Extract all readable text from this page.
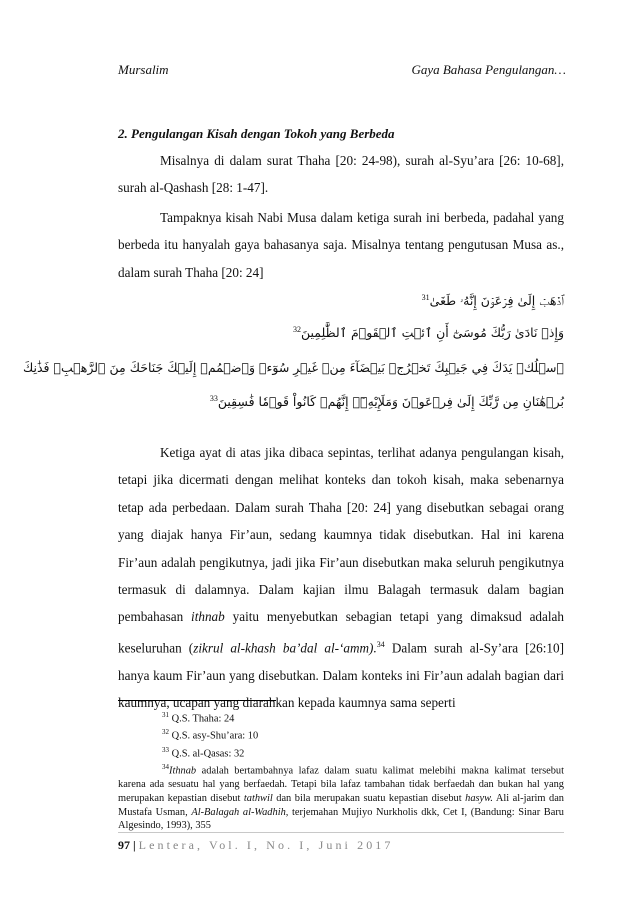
Mursalim	Gaya Bahasa Pengulangan…
2. Pengulangan Kisah dengan Tokoh yang Berbeda

Misalnya di dalam surat Thaha [20: 24-98), surah al-Syu’ara [26: 10-68], surah al-Qashash [28: 1-47].

Tampaknya kisah Nabi Musa dalam ketiga surah ini berbeda, padahal yang berbeda itu hanyalah gaya bahasanya saja. Misalnya tentang pengutusan Musa as., dalam surah Thaha [20: 24]

ٱذۡهَبۡ إِلَىٰ فِرۡعَوۡنَ إِنَّهُۥ طَغَىٰ$^{31}$
وَإِذۡ نَادَىٰ رَبُّكَ مُوسَىٰٓ أَنِ ٱئۡتِ ٱلۡقَوۡمَ ٱلظَّٰلِمِينَ$^{32}$
ٱسۡلُكۡ يَدَكَ فِي جَيۡبِكَ تَخۡرُجۡ بَيۡضَآءَ مِنۡ غَيۡرِ سُوٓءٖ وَٱضۡمُمۡ إِلَيۡكَ جَنَاحَكَ مِنَ ٱلرَّهۡبِۖ فَذَٰنِكَ
بُرۡهَٰنَانِ مِن رَّبِّكَ إِلَىٰ فِرۡعَوۡنَ وَمَلَإِيْهِۦٓۚ إِنَّهُمۡ كَانُواْ قَوۡمٗا فَٰسِقِينَ$^{33}$

Ketiga ayat di atas jika dibaca sepintas, terlihat adanya pengulangan kisah, tetapi jika dicermati dengan melihat konteks dan tokoh kisah, maka sebenarnya tetap ada perbedaan. Dalam surah Thaha [20: 24] yang disebutkan sebagai orang yang diajak hanya Fir’aun, sedang kaumnya tidak disebutkan. Hal ini karena Fir’aun adalah pengikutnya, jadi jika Fir’aun disebutkan maka seluruh pengikutnya termasuk di dalamnya. Dalam kajian ilmu Balagah termasuk dalam bagian pembahasan ithnab yaitu menyebutkan sebagian tetapi yang dimaksud adalah keseluruhan (zikrul al-khash ba’dal al-‘amm).$^{34}$ Dalam surah al-Sy’ara [26:10] hanya kaum Fir’aun yang disebutkan. Dalam konteks ini Fir’aun adalah bagian dari kaumnya, ucapan yang diarahkan kepada kaumnya sama seperti

$^{31}$ Q.S. Thaha: 24

$^{32}$ Q.S. asy-Shu’ara: 10

$^{33}$ Q.S. al-Qasas: 32

$^{34}$Ithnab adalah bertambahnya lafaz dalam suatu kalimat melebihi makna kalimat tersebut karena ada sesuatu hal yang berfaedah. Tetapi bila lafaz tambahan tidak berfaedah dan bukan hal yang merupakan kepastian disebut tathwil dan bila merupakan suatu kepastian disebut hasyw. Ali al-jarim dan Mustafa Usman, Al-Balagah al-Wadhih, terjemahan Mujiyo Nurkholis dkk, Cet I, (Bandung: Sinar Baru Algesindo, 1993), 355

97 | Lentera, Vol. I, No. I, Juni 2017
